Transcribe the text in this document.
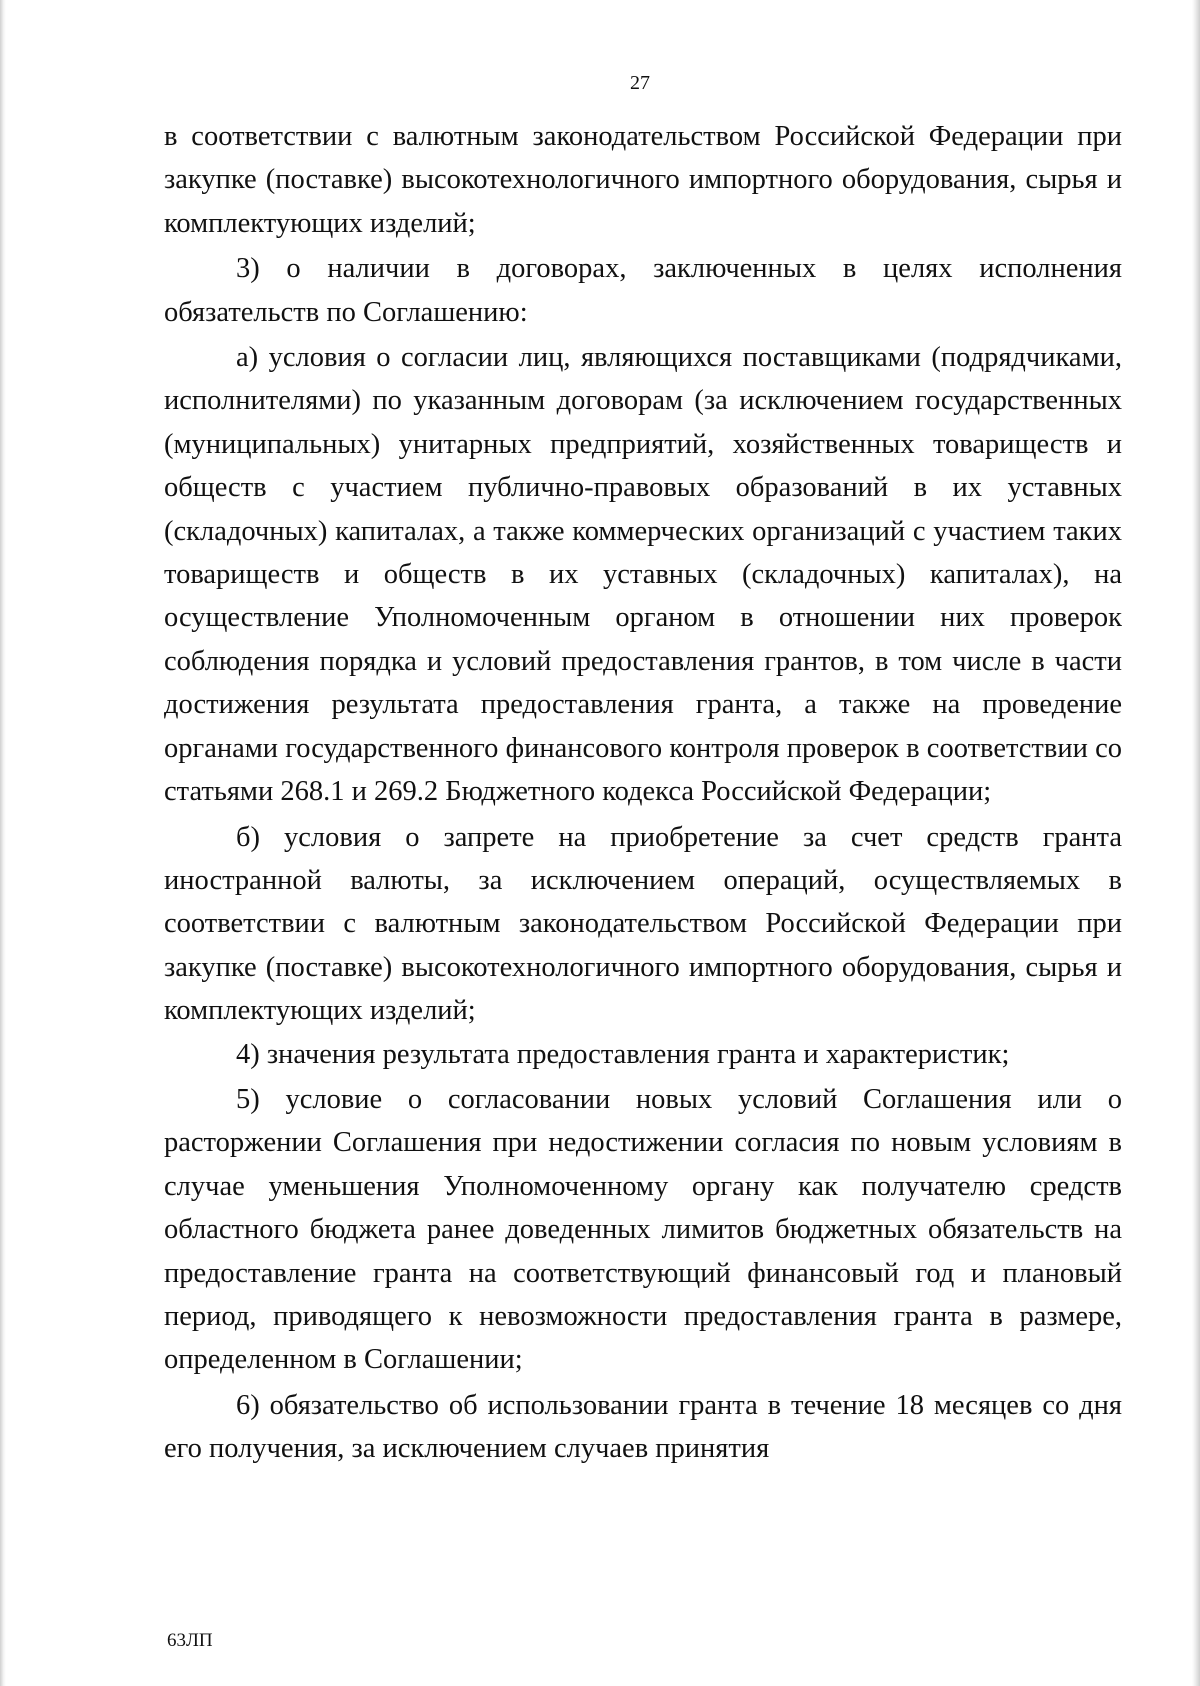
27

в соответствии с валютным законодательством Российской Федерации при закупке (поставке) высокотехнологичного импортного оборудования, сырья и комплектующих изделий;

3) о наличии в договорах, заключенных в целях исполнения обязательств по Соглашению:

а) условия о согласии лиц, являющихся поставщиками (подрядчиками, исполнителями) по указанным договорам (за исключением государственных (муниципальных) унитарных предприятий, хозяйственных товариществ и обществ с участием публично-правовых образований в их уставных (складочных) капиталах, а также коммерческих организаций с участием таких товариществ и обществ в их уставных (складочных) капиталах), на осуществление Уполномоченным органом в отношении них проверок соблюдения порядка и условий предоставления грантов, в том числе в части достижения результата предоставления гранта, а также на проведение органами государственного финансового контроля проверок в соответствии со статьями 268.1 и 269.2 Бюджетного кодекса Российской Федерации;

б) условия о запрете на приобретение за счет средств гранта иностранной валюты, за исключением операций, осуществляемых в соответствии с валютным законодательством Российской Федерации при закупке (поставке) высокотехнологичного импортного оборудования, сырья и комплектующих изделий;

4) значения результата предоставления гранта и характеристик;

5) условие о согласовании новых условий Соглашения или о расторжении Соглашения при недостижении согласия по новым условиям в случае уменьшения Уполномоченному органу как получателю средств областного бюджета ранее доведенных лимитов бюджетных обязательств на предоставление гранта на соответствующий финансовый год и плановый период, приводящего к невозможности предоставления гранта в размере, определенном в Соглашении;

6) обязательство об использовании гранта в течение 18 месяцев со дня его получения, за исключением случаев принятия

63ЛП
